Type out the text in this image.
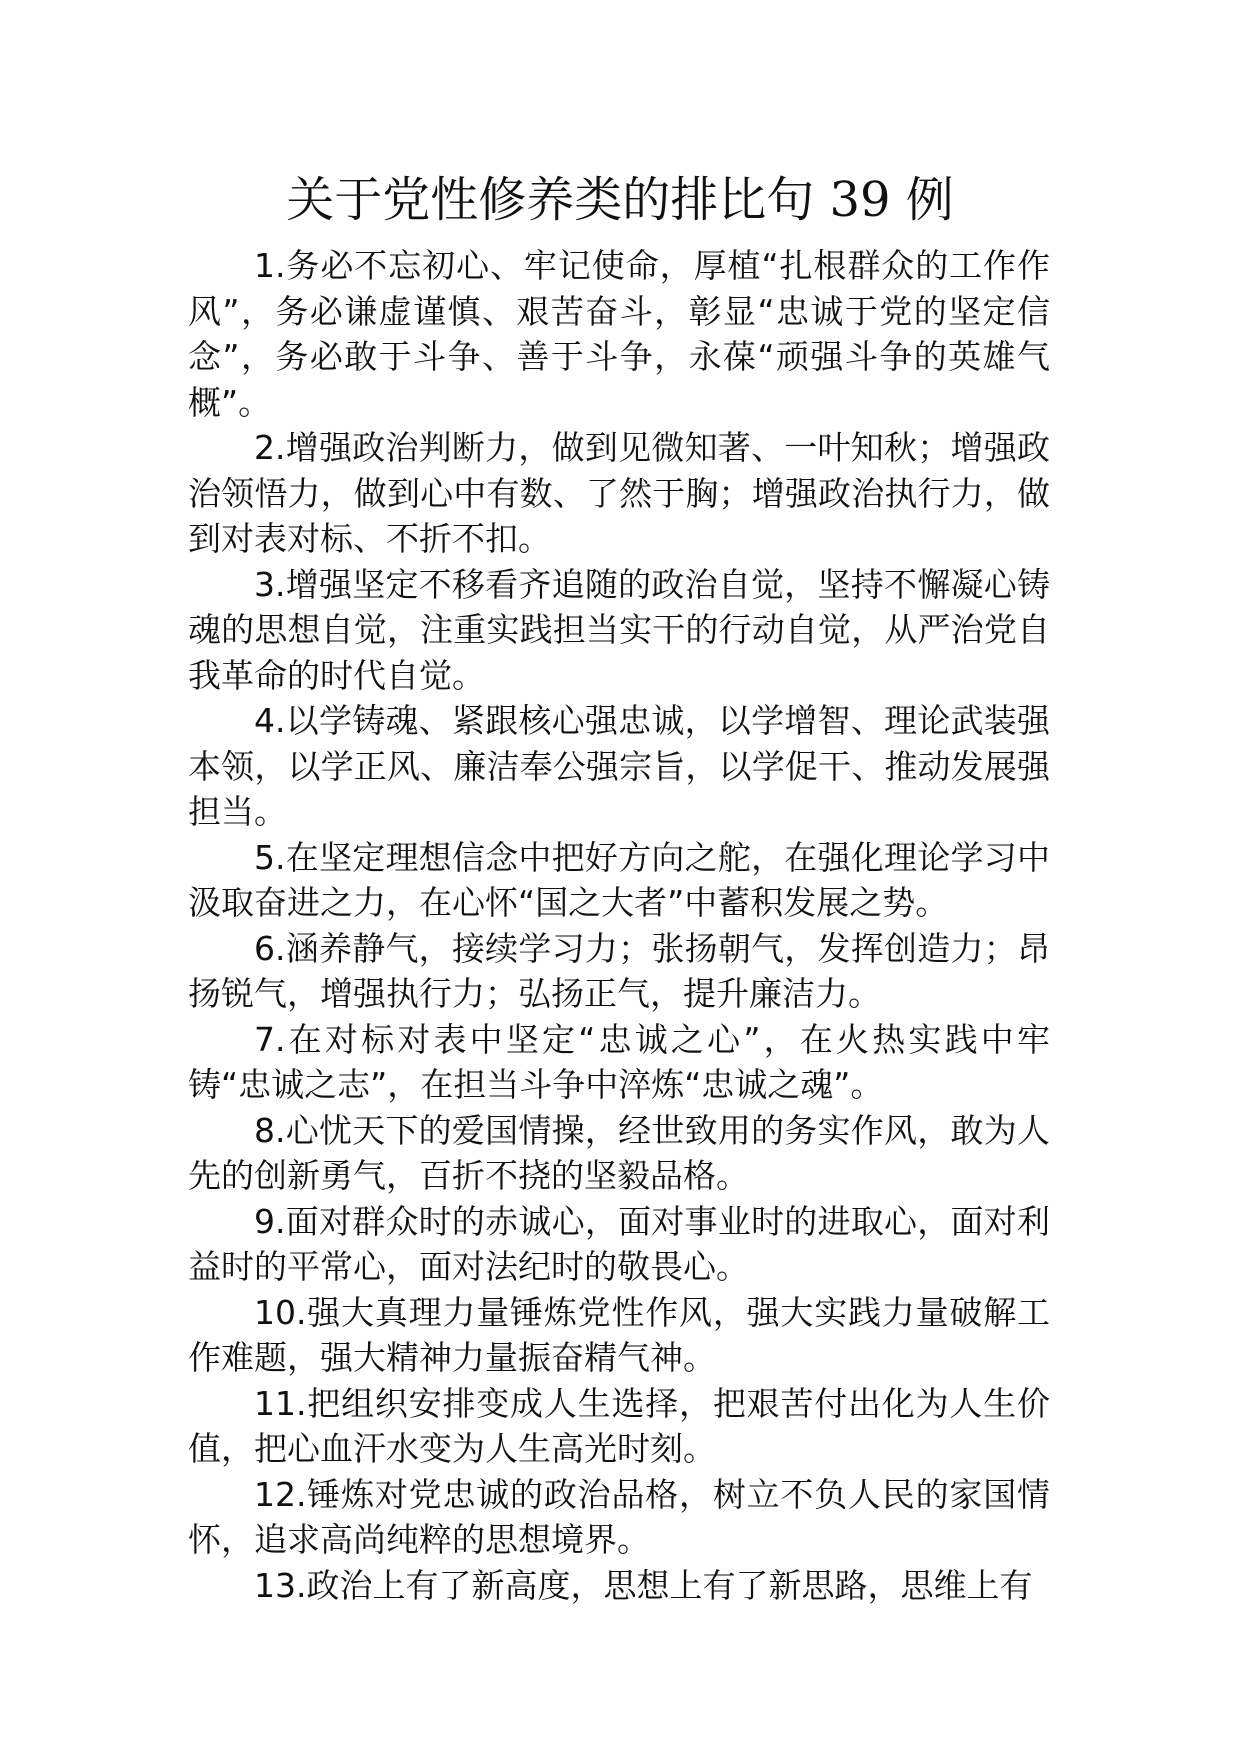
关于党性修养类的排比句 39 例

1.务必不忘初心、牢记使命，厚植“扎根群众的工作作风”，务必谦虚谨慎、艰苦奋斗，彰显“忠诚于党的坚定信念”，务必敢于斗争、善于斗争，永葆“顽强斗争的英雄气概”。

2.增强政治判断力，做到见微知著、一叶知秋；增强政治领悟力，做到心中有数、了然于胸；增强政治执行力，做到对表对标、不折不扣。

3.增强坚定不移看齐追随的政治自觉，坚持不懈凝心铸魂的思想自觉，注重实践担当实干的行动自觉，从严治党自我革命的时代自觉。

4.以学铸魂、紧跟核心强忠诚，以学增智、理论武装强本领，以学正风、廉洁奉公强宗旨，以学促干、推动发展强担当。

5.在坚定理想信念中把好方向之舵，在强化理论学习中汲取奋进之力，在心怀“国之大者”中蓄积发展之势。

6.涵养静气，接续学习力；张扬朝气，发挥创造力；昂扬锐气，增强执行力；弘扬正气，提升廉洁力。

7.在对标对表中坚定“忠诚之心”，在火热实践中牢铸“忠诚之志”，在担当斗争中淬炼“忠诚之魂”。

8.心忧天下的爱国情操，经世致用的务实作风，敢为人先的创新勇气，百折不挠的坚毅品格。

9.面对群众时的赤诚心，面对事业时的进取心，面对利益时的平常心，面对法纪时的敬畏心。

10.强大真理力量锤炼党性作风，强大实践力量破解工作难题，强大精神力量振奋精气神。

11.把组织安排变成人生选择，把艰苦付出化为人生价值，把心血汗水变为人生高光时刻。

12.锤炼对党忠诚的政治品格，树立不负人民的家国情怀，追求高尚纯粹的思想境界。

13.政治上有了新高度，思想上有了新思路，思维上有
